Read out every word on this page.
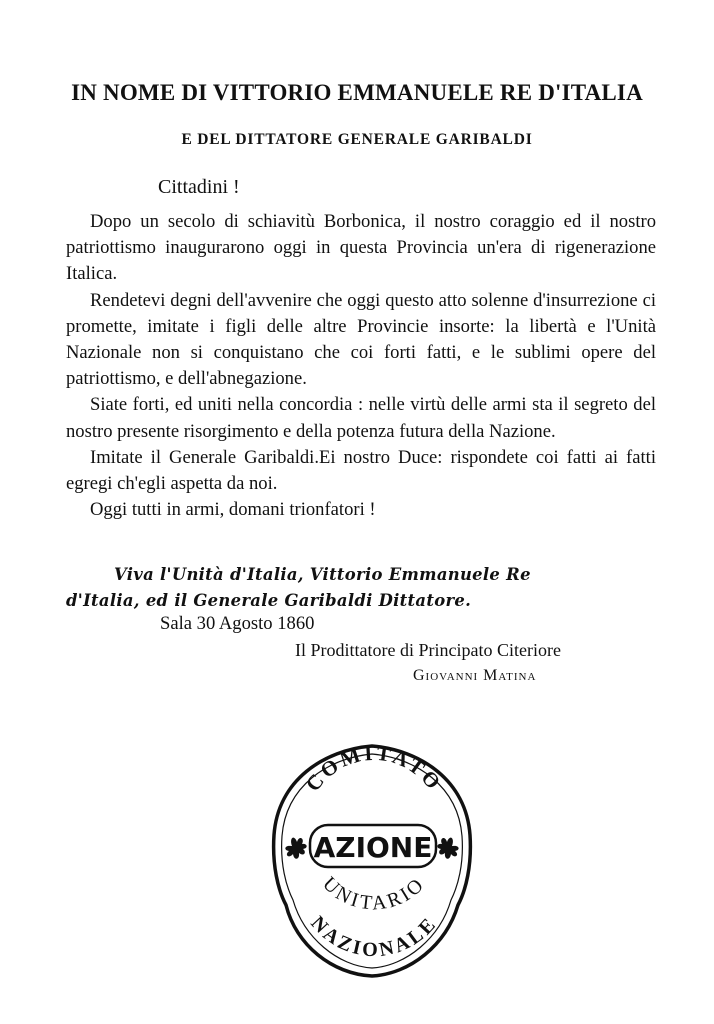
IN NOME DI VITTORIO EMMANUELE RE D'ITALIA
E DEL DITTATORE GENERALE GARIBALDI
Cittadini !

Dopo un secolo di schiavitù Borbonica, il nostro coraggio ed il nostro patriottismo inaugurarono oggi in questa Provincia un'era di rigenerazione Italica.

Rendetevi degni dell'avvenire che oggi questo atto solenne d'insurrezione ci promette, imitate i figli delle altre Provincie insorte: la libertà e l'Unità Nazionale non si conquistano che coi forti fatti, e le sublimi opere del patriottismo, e dell'abnegazione.

Siate forti, ed uniti nella concordia : nelle virtù delle armi sta il segreto del nostro presente risorgimento e della potenza futura della Nazione.

Imitate il Generale Garibaldi.Ei nostro Duce: rispondete coi fatti ai fatti egregi ch'egli aspetta da noi.

Oggi tutti in armi, domani trionfatori !

Viva l'Unità d'Italia, Vittorio Emmanuele Re
d'Italia, ed il Generale Garibaldi Dittatore.
Sala 30 Agosto 1860
Il Prodittatore di Principato Citeriore
Giovanni Matina
COMITATO
AZIONE
UNITARIO
NAZIONALE
